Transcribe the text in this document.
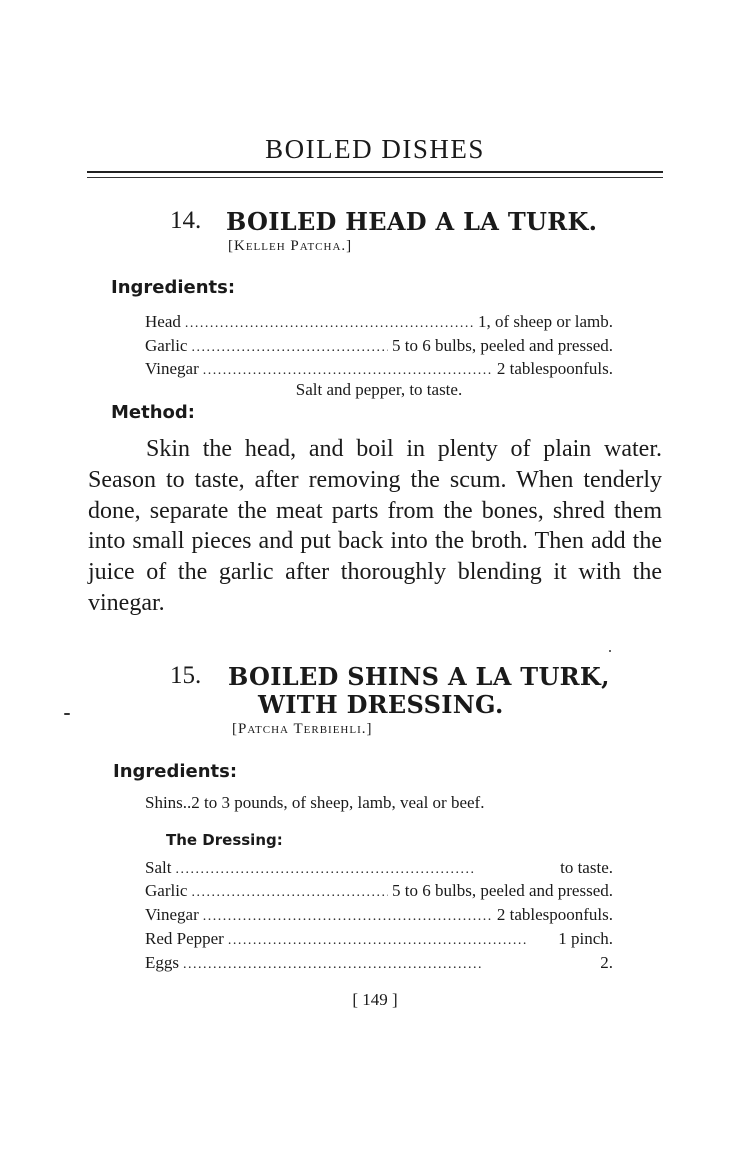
BOILED DISHES
14. BOILED HEAD A LA TURK.
[Kelleh Patcha.]
Ingredients:
Head . . .	1, of sheep or lamb.
Garlic . . .	5 to 6 bulbs, peeled and pressed.
Vinegar . . .	2 tablespoonfuls.
Salt and pepper, to taste.
Method:

Skin the head, and boil in plenty of plain water. Season to taste, after removing the scum. When tenderly done, separate the meat parts from the bones, shred them into small pieces and put back into the broth. Then add the juice of the garlic after thoroughly blending it with the vinegar.

15. BOILED SHINS A LA TURK,
WITH DRESSING.
[Patcha Terbiehli.]
Ingredients:
Shins..2 to 3 pounds, of sheep, lamb, veal or beef.
The Dressing:
Salt . . .	to taste.
Garlic . . .	5 to 6 bulbs, peeled and pressed.
Vinegar . . .	2 tablespoonfuls.
Red Pepper . . .	1 pinch.
Eggs . . .	2.
[ 149 ]
